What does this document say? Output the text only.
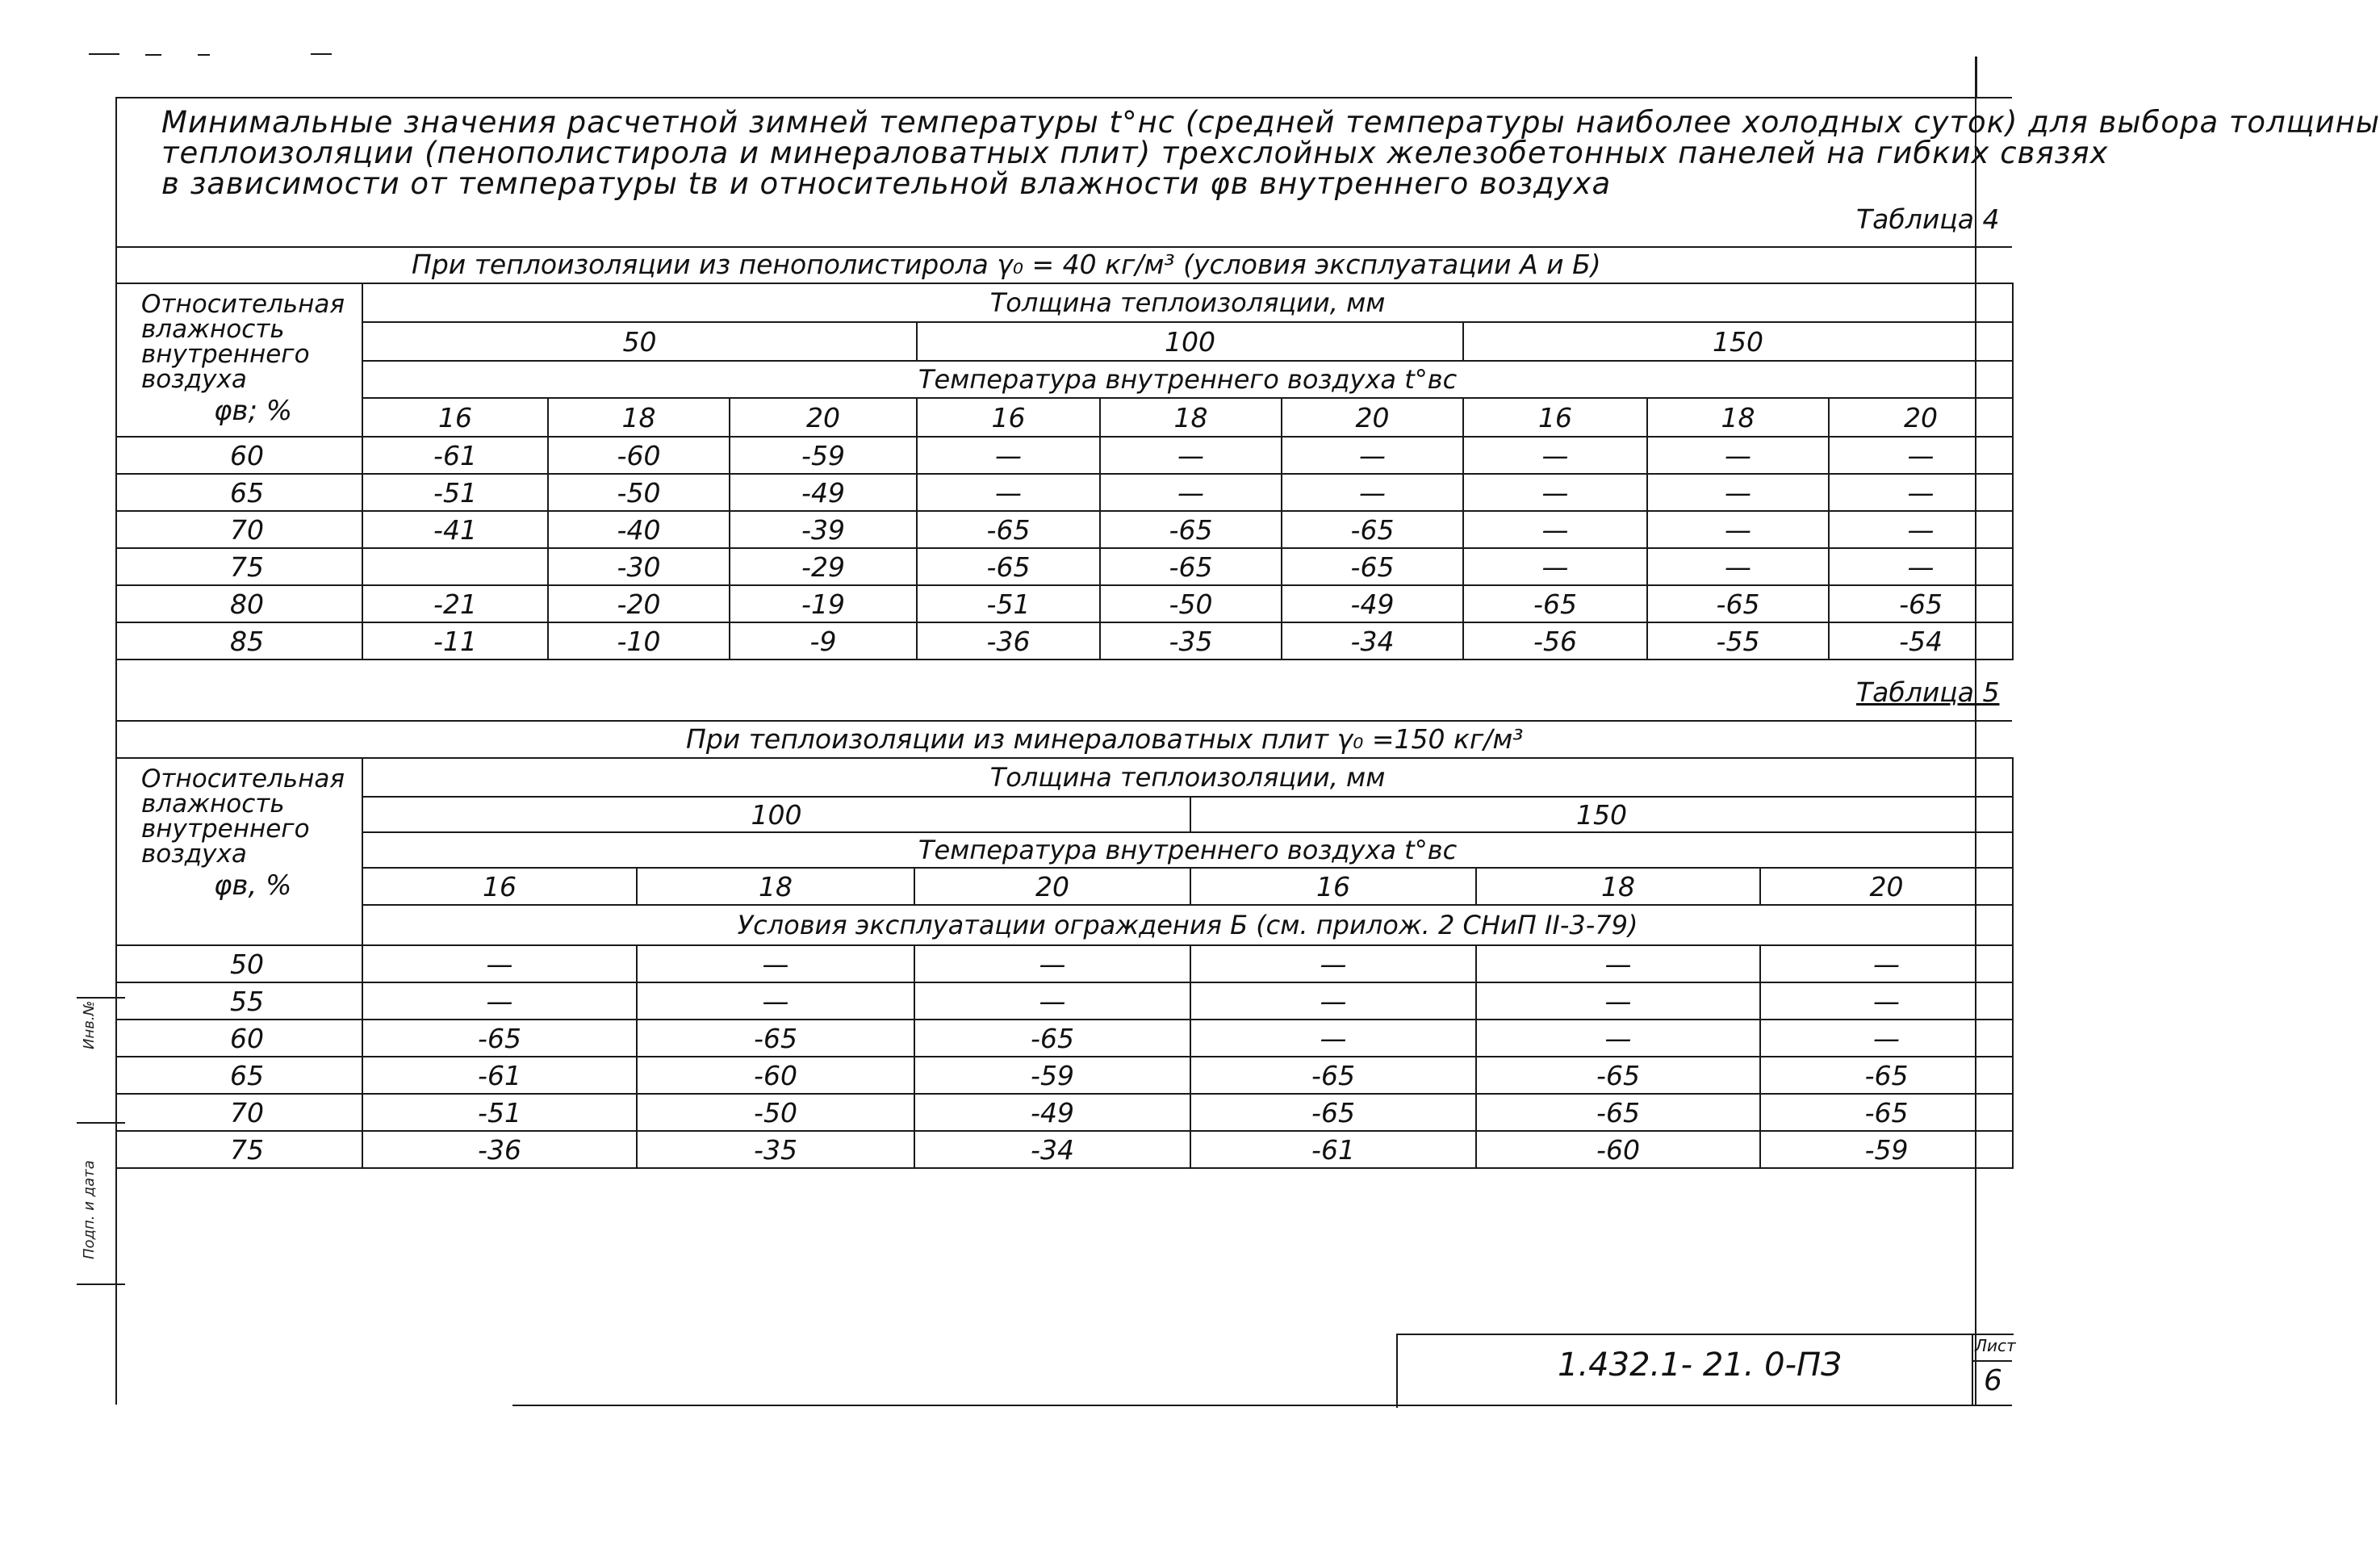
Инв.№
Подп. и дата
Минимальные значения расчетной зимней температуры t°нс (средней температуры наиболее холодных суток) для выбора толщины
теплоизоляции (пенополистирола и минераловатных плит) трехслойных железобетонных панелей на гибких связях
в зависимости от температуры tв и относительной влажности φв внутреннего воздуха
Таблица 4
При теплоизоляции из пенополистирола γ₀ = 40 кг/м³ (условия эксплуатации А и Б)
Относительная
влажность
внутреннего
воздуха
φв; %	Толщина теплоизоляции, мм								
	50			100			150		
	Температура внутреннего воздуха t°вс								
	16	18	20	16	18	20	16	18	20
60	-61	-60	-59	—	—	—	—	—	—
65	-51	-50	-49	—	—	—	—	—	—
70	-41	-40	-39	-65	-65	-65	—	—	—
75		-30	-29	-65	-65	-65	—	—	—
80	-21	-20	-19	-51	-50	-49	-65	-65	-65
85	-11	-10	-9	-36	-35	-34	-56	-55	-54
Таблица 5
При теплоизоляции из минераловатных плит γ₀ =150 кг/м³
Относительная
влажность
внутреннего
воздуха
φв, %	Толщина теплоизоляции, мм					
	100			150		
	Температура внутреннего воздуха t°вс					
	16	18	20	16	18	20
	Условия эксплуатации ограждения Б (см. прилож. 2 СНиП II-3-79)					
50	—	—	—	—	—	—
55	—	—	—	—	—	—
60	-65	-65	-65	—	—	—
65	-61	-60	-59	-65	-65	-65
70	-51	-50	-49	-65	-65	-65
75	-36	-35	-34	-61	-60	-59
1.432.1- 21. 0-ПЗ
Лист
6
